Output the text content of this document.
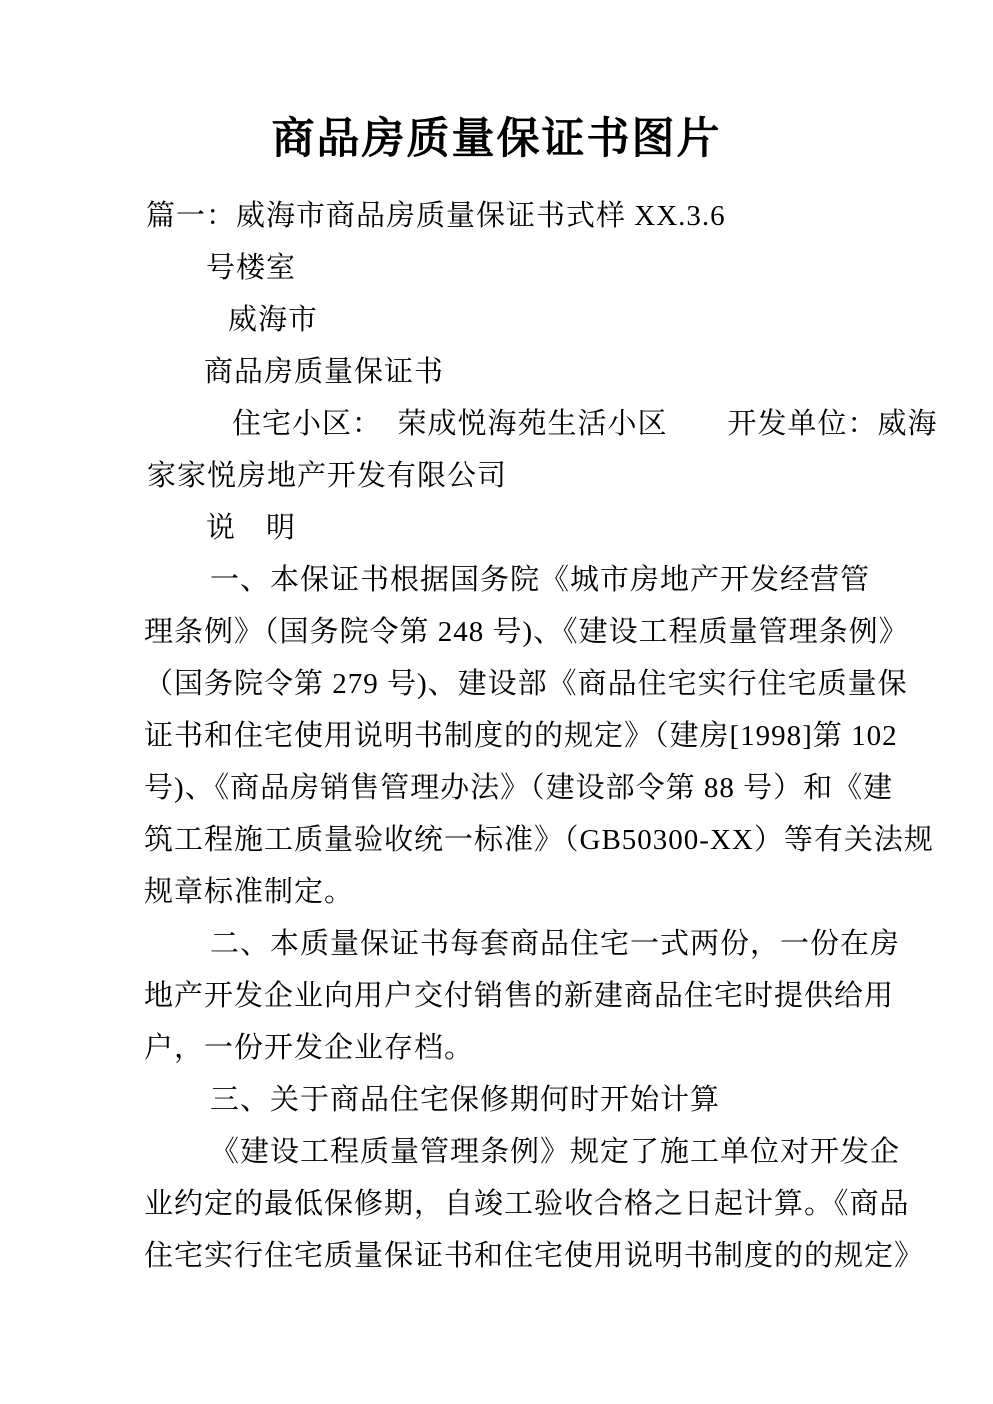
商品房质量保证书图片
篇一：威海市商品房质量保证书式样 XX.3.6
号楼室
威海市
商品房质量保证书
住宅小区：　荣成悦海苑生活小区　　开发单位：威海
家家悦房地产开发有限公司
说　明
一、本保证书根据国务院《城市房地产开发经营管
理条例》（国务院令第 248 号)、《建设工程质量管理条例》
（国务院令第 279 号)、建设部《商品住宅实行住宅质量保
证书和住宅使用说明书制度的的规定》（建房[1998]第 102
号)、《商品房销售管理办法》（建设部令第 88 号）和《建
筑工程施工质量验收统一标准》（GB50300-XX）等有关法规
规章标准制定。
二、本质量保证书每套商品住宅一式两份，一份在房
地产开发企业向用户交付销售的新建商品住宅时提供给用
户，一份开发企业存档。
三、关于商品住宅保修期何时开始计算
《建设工程质量管理条例》规定了施工单位对开发企
业约定的最低保修期，自竣工验收合格之日起计算。《商品
住宅实行住宅质量保证书和住宅使用说明书制度的的规定》
